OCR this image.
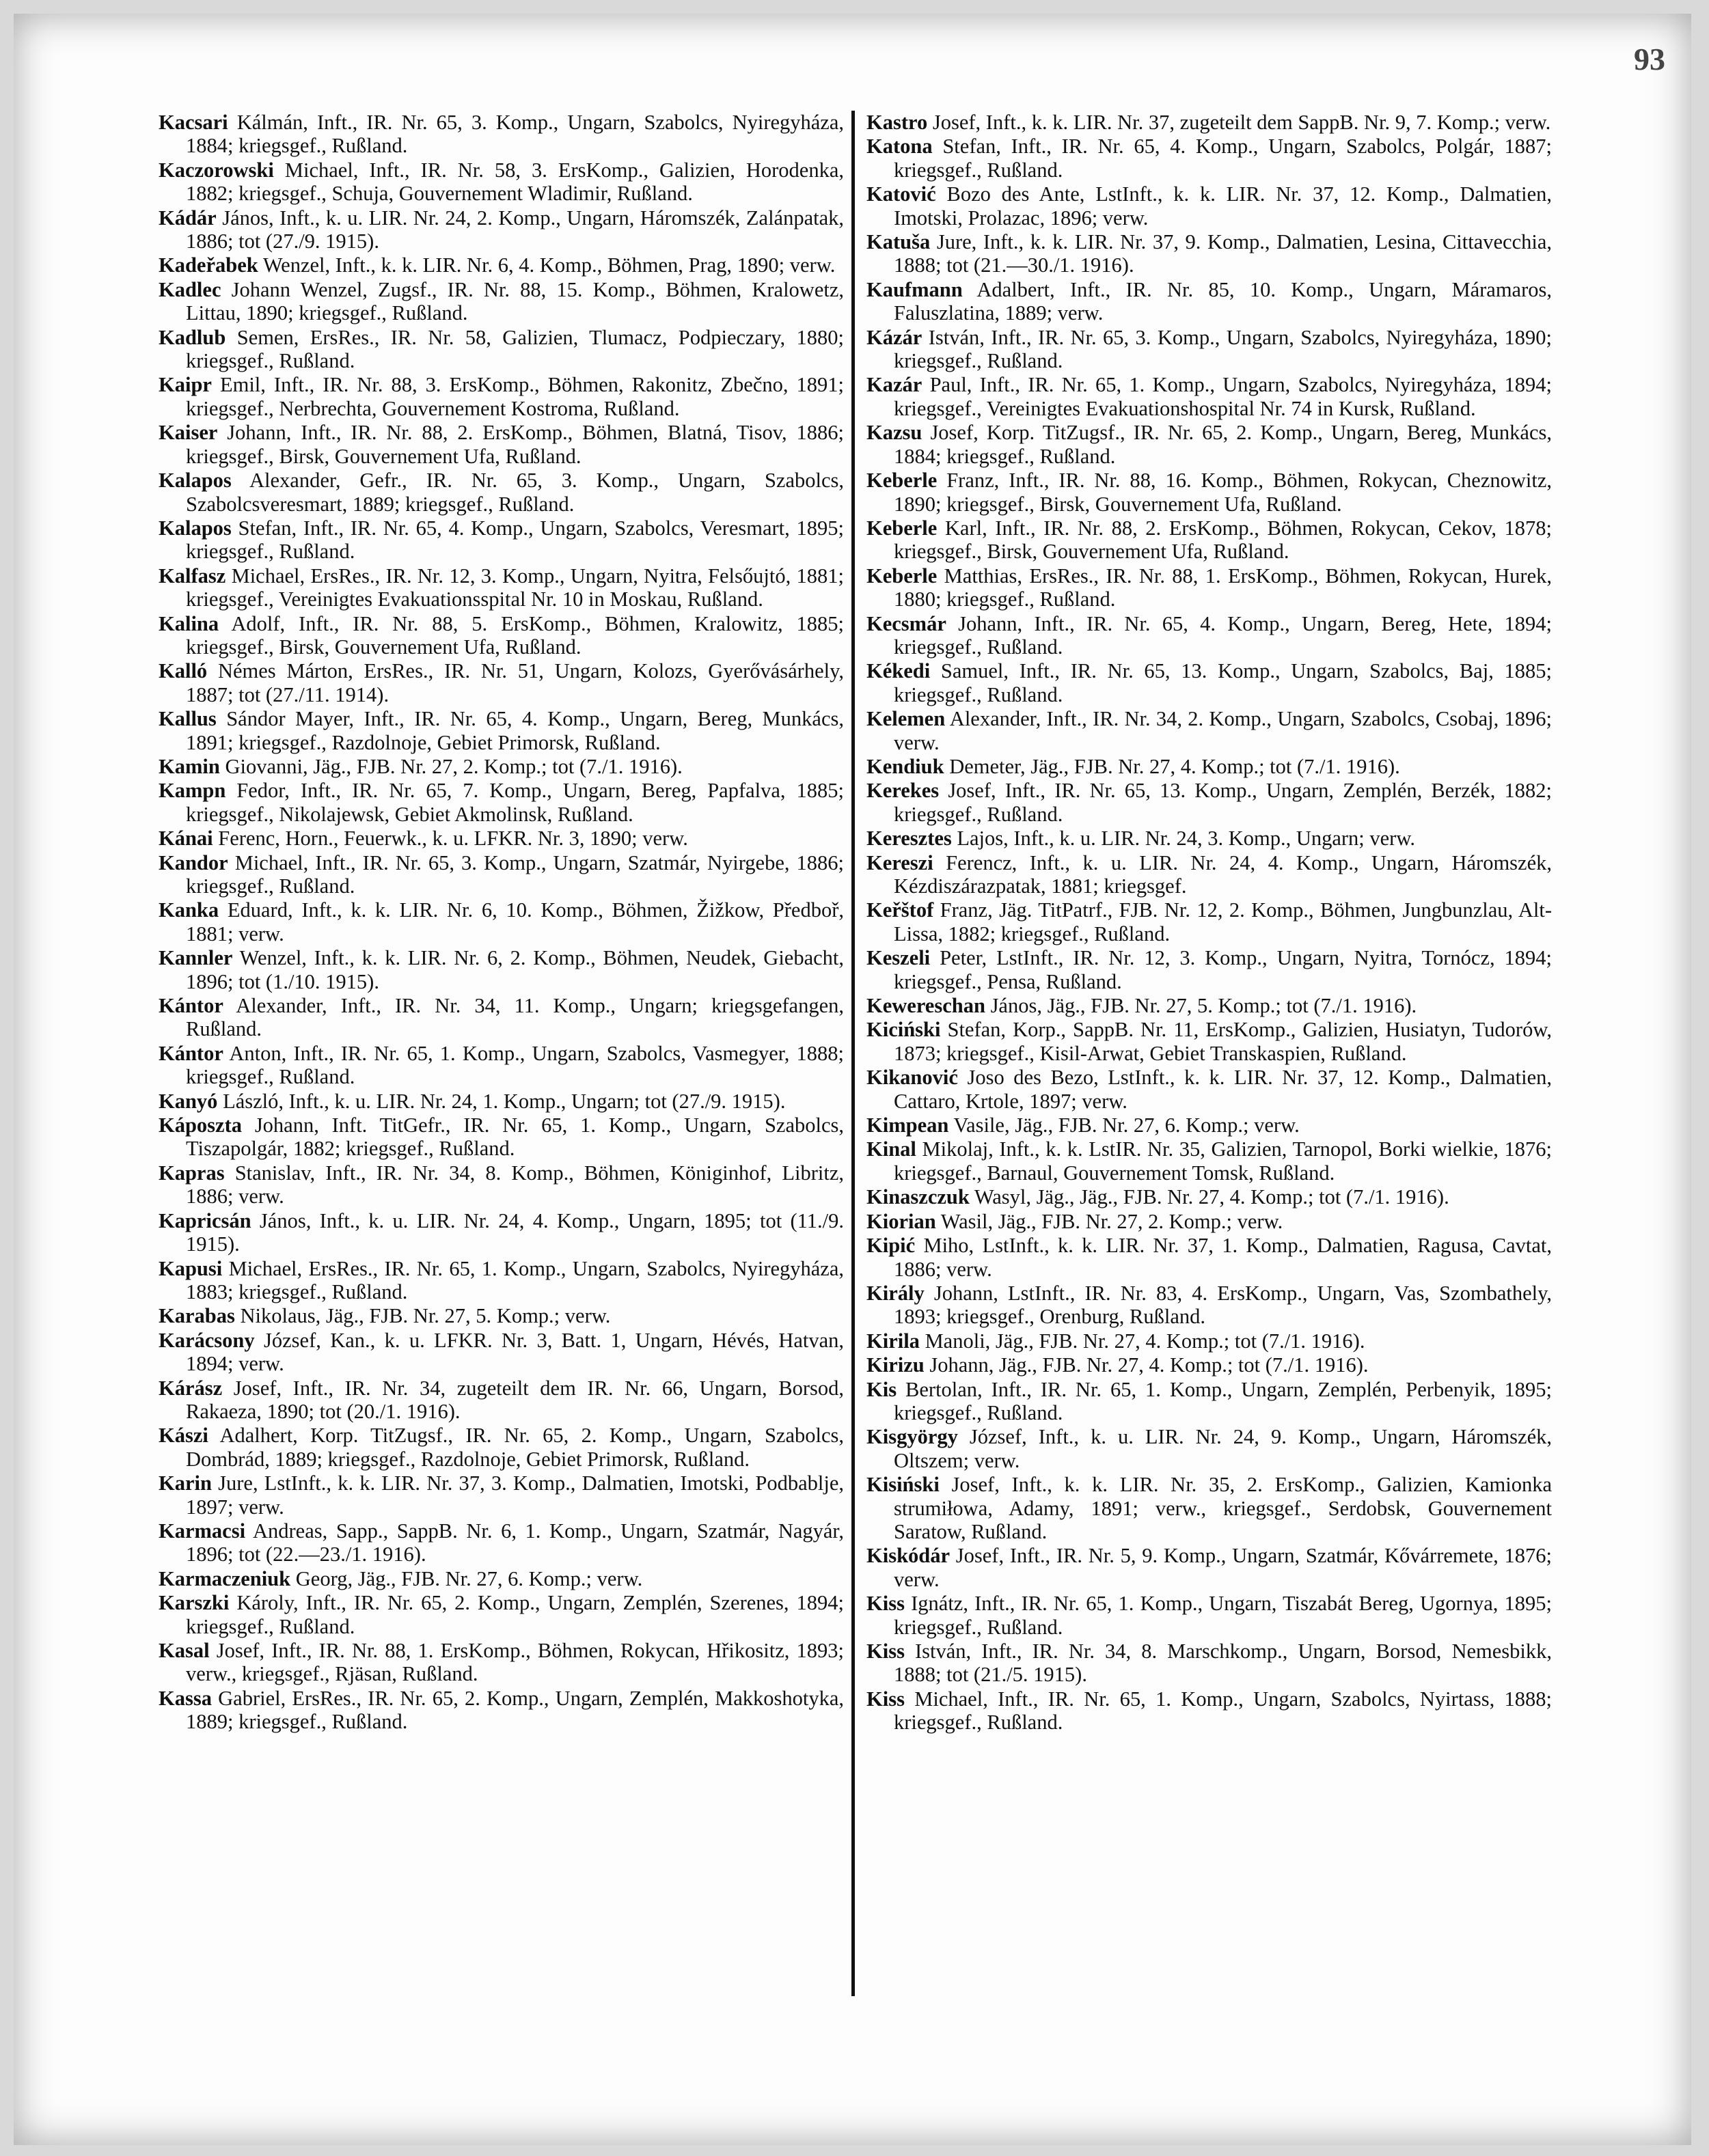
93

Kacsari Kálmán, Inft., IR. Nr. 65, 3. Komp., Ungarn, Szabolcs, Nyiregyháza, 1884; kriegsgef., Rußland.

Kaczorowski Michael, Inft., IR. Nr. 58, 3. ErsKomp., Galizien, Horodenka, 1882; kriegsgef., Schuja, Gouvernement Wladimir, Rußland.

Kádár János, Inft., k. u. LIR. Nr. 24, 2. Komp., Ungarn, Háromszék, Zalánpatak, 1886; tot (27./9. 1915).

Kadeřabek Wenzel, Inft., k. k. LIR. Nr. 6, 4. Komp., Böhmen, Prag, 1890; verw.

Kadlec Johann Wenzel, Zugsf., IR. Nr. 88, 15. Komp., Böhmen, Kralowetz, Littau, 1890; kriegsgef., Rußland.

Kadlub Semen, ErsRes., IR. Nr. 58, Galizien, Tlumacz, Podpieczary, 1880; kriegsgef., Rußland.

Kaipr Emil, Inft., IR. Nr. 88, 3. ErsKomp., Böhmen, Rakonitz, Zbečno, 1891; kriegsgef., Nerbrechta, Gouvernement Kostroma, Rußland.

Kaiser Johann, Inft., IR. Nr. 88, 2. ErsKomp., Böhmen, Blatná, Tisov, 1886; kriegsgef., Birsk, Gouvernement Ufa, Rußland.

Kalapos Alexander, Gefr., IR. Nr. 65, 3. Komp., Ungarn, Szabolcs, Szabolcsveresmart, 1889; kriegsgef., Rußland.

Kalapos Stefan, Inft., IR. Nr. 65, 4. Komp., Ungarn, Szabolcs, Veresmart, 1895; kriegsgef., Rußland.

Kalfasz Michael, ErsRes., IR. Nr. 12, 3. Komp., Ungarn, Nyitra, Felsőujtó, 1881; kriegsgef., Vereinigtes Evakuationsspital Nr. 10 in Moskau, Rußland.

Kalina Adolf, Inft., IR. Nr. 88, 5. ErsKomp., Böhmen, Kralowitz, 1885; kriegsgef., Birsk, Gouvernement Ufa, Rußland.

Kalló Némes Márton, ErsRes., IR. Nr. 51, Ungarn, Kolozs, Gyerővásárhely, 1887; tot (27./11. 1914).

Kallus Sándor Mayer, Inft., IR. Nr. 65, 4. Komp., Ungarn, Bereg, Munkács, 1891; kriegsgef., Razdolnoje, Gebiet Primorsk, Rußland.

Kamin Giovanni, Jäg., FJB. Nr. 27, 2. Komp.; tot (7./1. 1916).

Kampn Fedor, Inft., IR. Nr. 65, 7. Komp., Ungarn, Bereg, Papfalva, 1885; kriegsgef., Nikolajewsk, Gebiet Akmolinsk, Rußland.

Kánai Ferenc, Horn., Feuerwk., k. u. LFKR. Nr. 3, 1890; verw.

Kandor Michael, Inft., IR. Nr. 65, 3. Komp., Ungarn, Szatmár, Nyirgebe, 1886; kriegsgef., Rußland.

Kanka Eduard, Inft., k. k. LIR. Nr. 6, 10. Komp., Böhmen, Žižkow, Předboř, 1881; verw.

Kannler Wenzel, Inft., k. k. LIR. Nr. 6, 2. Komp., Böhmen, Neudek, Giebacht, 1896; tot (1./10. 1915).

Kántor Alexander, Inft., IR. Nr. 34, 11. Komp., Ungarn; kriegsgefangen, Rußland.

Kántor Anton, Inft., IR. Nr. 65, 1. Komp., Ungarn, Szabolcs, Vasmegyer, 1888; kriegsgef., Rußland.

Kanyó László, Inft., k. u. LIR. Nr. 24, 1. Komp., Ungarn; tot (27./9. 1915).

Káposzta Johann, Inft. TitGefr., IR. Nr. 65, 1. Komp., Ungarn, Szabolcs, Tiszapolgár, 1882; kriegsgef., Rußland.

Kapras Stanislav, Inft., IR. Nr. 34, 8. Komp., Böhmen, Königinhof, Libritz, 1886; verw.

Kapricsán János, Inft., k. u. LIR. Nr. 24, 4. Komp., Ungarn, 1895; tot (11./9. 1915).

Kapusi Michael, ErsRes., IR. Nr. 65, 1. Komp., Ungarn, Szabolcs, Nyiregyháza, 1883; kriegsgef., Rußland.

Karabas Nikolaus, Jäg., FJB. Nr. 27, 5. Komp.; verw.

Karácsony József, Kan., k. u. LFKR. Nr. 3, Batt. 1, Ungarn, Hévés, Hatvan, 1894; verw.

Kárász Josef, Inft., IR. Nr. 34, zugeteilt dem IR. Nr. 66, Ungarn, Borsod, Rakaeza, 1890; tot (20./1. 1916).

Kászi Adalhert, Korp. TitZugsf., IR. Nr. 65, 2. Komp., Ungarn, Szabolcs, Dombrád, 1889; kriegsgef., Razdolnoje, Gebiet Primorsk, Rußland.

Karin Jure, LstInft., k. k. LIR. Nr. 37, 3. Komp., Dalmatien, Imotski, Podbablje, 1897; verw.

Karmacsi Andreas, Sapp., SappB. Nr. 6, 1. Komp., Ungarn, Szatmár, Nagyár, 1896; tot (22.—23./1. 1916).

Karmaczeniuk Georg, Jäg., FJB. Nr. 27, 6. Komp.; verw.

Karszki Károly, Inft., IR. Nr. 65, 2. Komp., Ungarn, Zemplén, Szerenes, 1894; kriegsgef., Rußland.

Kasal Josef, Inft., IR. Nr. 88, 1. ErsKomp., Böhmen, Rokycan, Hřikositz, 1893; verw., kriegsgef., Rjäsan, Rußland.

Kassa Gabriel, ErsRes., IR. Nr. 65, 2. Komp., Ungarn, Zemplén, Makkoshotyka, 1889; kriegsgef., Rußland.

Kastro Josef, Inft., k. k. LIR. Nr. 37, zugeteilt dem SappB. Nr. 9, 7. Komp.; verw.

Katona Stefan, Inft., IR. Nr. 65, 4. Komp., Ungarn, Szabolcs, Polgár, 1887; kriegsgef., Rußland.

Katović Bozo des Ante, LstInft., k. k. LIR. Nr. 37, 12. Komp., Dalmatien, Imotski, Prolazac, 1896; verw.

Katuša Jure, Inft., k. k. LIR. Nr. 37, 9. Komp., Dalmatien, Lesina, Cittavecchia, 1888; tot (21.—30./1. 1916).

Kaufmann Adalbert, Inft., IR. Nr. 85, 10. Komp., Ungarn, Máramaros, Faluszlatina, 1889; verw.

Kázár István, Inft., IR. Nr. 65, 3. Komp., Ungarn, Szabolcs, Nyiregyháza, 1890; kriegsgef., Rußland.

Kazár Paul, Inft., IR. Nr. 65, 1. Komp., Ungarn, Szabolcs, Nyiregyháza, 1894; kriegsgef., Vereinigtes Evakuationshospital Nr. 74 in Kursk, Rußland.

Kazsu Josef, Korp. TitZugsf., IR. Nr. 65, 2. Komp., Ungarn, Bereg, Munkács, 1884; kriegsgef., Rußland.

Keberle Franz, Inft., IR. Nr. 88, 16. Komp., Böhmen, Rokycan, Cheznowitz, 1890; kriegsgef., Birsk, Gouvernement Ufa, Rußland.

Keberle Karl, Inft., IR. Nr. 88, 2. ErsKomp., Böhmen, Rokycan, Cekov, 1878; kriegsgef., Birsk, Gouvernement Ufa, Rußland.

Keberle Matthias, ErsRes., IR. Nr. 88, 1. ErsKomp., Böhmen, Rokycan, Hurek, 1880; kriegsgef., Rußland.

Kecsmár Johann, Inft., IR. Nr. 65, 4. Komp., Ungarn, Bereg, Hete, 1894; kriegsgef., Rußland.

Kékedi Samuel, Inft., IR. Nr. 65, 13. Komp., Ungarn, Szabolcs, Baj, 1885; kriegsgef., Rußland.

Kelemen Alexander, Inft., IR. Nr. 34, 2. Komp., Ungarn, Szabolcs, Csobaj, 1896; verw.

Kendiuk Demeter, Jäg., FJB. Nr. 27, 4. Komp.; tot (7./1. 1916).

Kerekes Josef, Inft., IR. Nr. 65, 13. Komp., Ungarn, Zemplén, Berzék, 1882; kriegsgef., Rußland.

Keresztes Lajos, Inft., k. u. LIR. Nr. 24, 3. Komp., Ungarn; verw.

Kereszi Ferencz, Inft., k. u. LIR. Nr. 24, 4. Komp., Ungarn, Háromszék, Kézdiszárazpatak, 1881; kriegsgef.

Keřštof Franz, Jäg. TitPatrf., FJB. Nr. 12, 2. Komp., Böhmen, Jungbunzlau, Alt-Lissa, 1882; kriegsgef., Rußland.

Keszeli Peter, LstInft., IR. Nr. 12, 3. Komp., Ungarn, Nyitra, Tornócz, 1894; kriegsgef., Pensa, Rußland.

Kewereschan János, Jäg., FJB. Nr. 27, 5. Komp.; tot (7./1. 1916).

Kiciński Stefan, Korp., SappB. Nr. 11, ErsKomp., Galizien, Husiatyn, Tudorów, 1873; kriegsgef., Kisil-Arwat, Gebiet Transkaspien, Rußland.

Kikanović Joso des Bezo, LstInft., k. k. LIR. Nr. 37, 12. Komp., Dalmatien, Cattaro, Krtole, 1897; verw.

Kimpean Vasile, Jäg., FJB. Nr. 27, 6. Komp.; verw.

Kinal Mikolaj, Inft., k. k. LstIR. Nr. 35, Galizien, Tarnopol, Borki wielkie, 1876; kriegsgef., Barnaul, Gouvernement Tomsk, Rußland.

Kinaszczuk Wasyl, Jäg., Jäg., FJB. Nr. 27, 4. Komp.; tot (7./1. 1916).

Kiorian Wasil, Jäg., FJB. Nr. 27, 2. Komp.; verw.

Kipić Miho, LstInft., k. k. LIR. Nr. 37, 1. Komp., Dalmatien, Ragusa, Cavtat, 1886; verw.

Király Johann, LstInft., IR. Nr. 83, 4. ErsKomp., Ungarn, Vas, Szombathely, 1893; kriegsgef., Orenburg, Rußland.

Kirila Manoli, Jäg., FJB. Nr. 27, 4. Komp.; tot (7./1. 1916).

Kirizu Johann, Jäg., FJB. Nr. 27, 4. Komp.; tot (7./1. 1916).

Kis Bertolan, Inft., IR. Nr. 65, 1. Komp., Ungarn, Zemplén, Perbenyik, 1895; kriegsgef., Rußland.

Kisgyörgy József, Inft., k. u. LIR. Nr. 24, 9. Komp., Ungarn, Háromszék, Oltszem; verw.

Kisiński Josef, Inft., k. k. LIR. Nr. 35, 2. ErsKomp., Galizien, Kamionka strumiłowa, Adamy, 1891; verw., kriegsgef., Serdobsk, Gouvernement Saratow, Rußland.

Kiskódár Josef, Inft., IR. Nr. 5, 9. Komp., Ungarn, Szatmár, Kővárremete, 1876; verw.

Kiss Ignátz, Inft., IR. Nr. 65, 1. Komp., Ungarn, Tiszabát Bereg, Ugornya, 1895; kriegsgef., Rußland.

Kiss István, Inft., IR. Nr. 34, 8. Marschkomp., Ungarn, Borsod, Nemesbikk, 1888; tot (21./5. 1915).

Kiss Michael, Inft., IR. Nr. 65, 1. Komp., Ungarn, Szabolcs, Nyirtass, 1888; kriegsgef., Rußland.
